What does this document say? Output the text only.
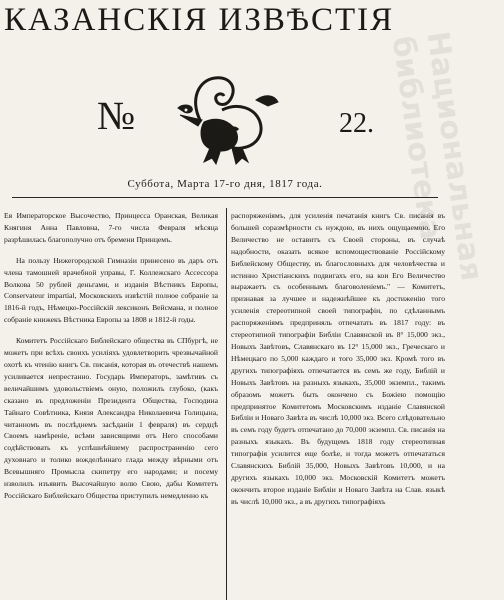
КАЗАНСКІЯ ИЗВѢСТІЯ
Национальная библиотека
№	22.
Суббота, Марта 17-го дня, 1817 года.

Ея Императорское Высочество, Принцесса Оранская, Великая Княгиня Анна Павловна, 7-го числа Февраля мѣсяца разрѣшилась благополучно отъ бремени Принцемъ.

На пользу Нижегородской Гимназіи принесено въ даръ отъ члена тамошней врачебной управы, Г. Коллежскаго Ассессора Волкова 50 рублей деньгами, и изданія Вѣстникъ Европы, Conservateur impartial, Московскихъ извѣстій полное собраніе за 1816-й годъ, Нѣмецко-Россійскій лексиконъ Вейсмана, и полное собраніе книжекъ Вѣстника Европы за 1808 и 1812-й годы.

Комитетъ Россійскаго Библейскаго общества въ СПбургѣ, не можетъ при всѣхъ своихъ усиліяхъ удовлетворить чрезвычайной охотѣ къ чтенію книгъ Св. писанія, которая въ отечествѣ нашемъ усиливается непрестанно. Государь Императоръ, замѣтивъ съ величайшимъ удовольствіемъ оную, положилъ глубоко, (какъ сказано въ предложеніи Президента Общества, Господина Тайнаго Совѣтника, Князя Александра Николаевича Голицына, читанномъ въ послѣднемъ засѣданіи 1 февраля) въ сердцѣ Своемъ намѣреніе, всѣми зависящими отъ Него способами содѣйствовать къ успѣшнѣйшему распространенію сего духовнаго и толико вожделѣннаго глада между вѣрными отъ Всевышняго Промысла скипетру его народами; и посему изволилъ изъявить Высочайшую волю Свою, дабы Комитетъ Россійскаго Библейскаго Общества приступилъ немедленно къ

распоряженіямъ, для усиленія печатанія книгъ Св. писанія въ большей соразмѣрности съ нуждою, въ нихъ ощущаемою. Его Величество не оставитъ съ Своей стороны, въ случаѣ надобности, оказать всякое вспомоществованіе Россійскому Библейскому Обществу, въ благословныхъ для человѣчества и истинно Христіанскихъ подвигахъ его, на кои Его Величество выражаетъ съ особеннымъ благоволеніемъ." — Комитетъ, признавая за лучшее и надежнѣйшее къ достиженію того усиленія стереотипной своей типографіи, по сдѣланнымъ распоряженіямъ предприняль отпечатать въ 1817 году: въ стереотипной типографіи Библіи Славянской въ 8° 15,000 экз., Новыхъ Завѣтовъ, Славянскаго въ 12° 15,000 экз., Греческаго и Нѣмецкаго по 5,000 каждаго и того 35,000 экз. Кромѣ того въ другихъ типографіяхъ отпечатается въ семъ же году, Библій и Новыхъ Завѣтовъ на разныхъ языкахъ, 35,000 экземпл., такимъ образомъ можетъ быть окончено съ Божіею помощію предпринятое Комитетомъ Московскимъ изданіе Славянской Библіи и Новаго Завѣта въ числѣ 10,000 экз. Всего слѣдовательно въ семъ году будетъ отпечатано до 70,000 экземпл. Св. писанія на разныхъ языкахъ. Въ будущемъ 1818 году стереотипная типографія усилится еще болѣе, и тогда можетъ отпечататься Славянскихъ Библій 35,000, Новыхъ Завѣтовъ 10,000, и на другихъ языкахъ 10,000 экз. Московскій Комитетъ можетъ окончить второе изданіе Библіи и Новаго Завѣта на Слав. языкѣ въ числѣ 10,000 экз., а въ другихъ типографіяхъ
